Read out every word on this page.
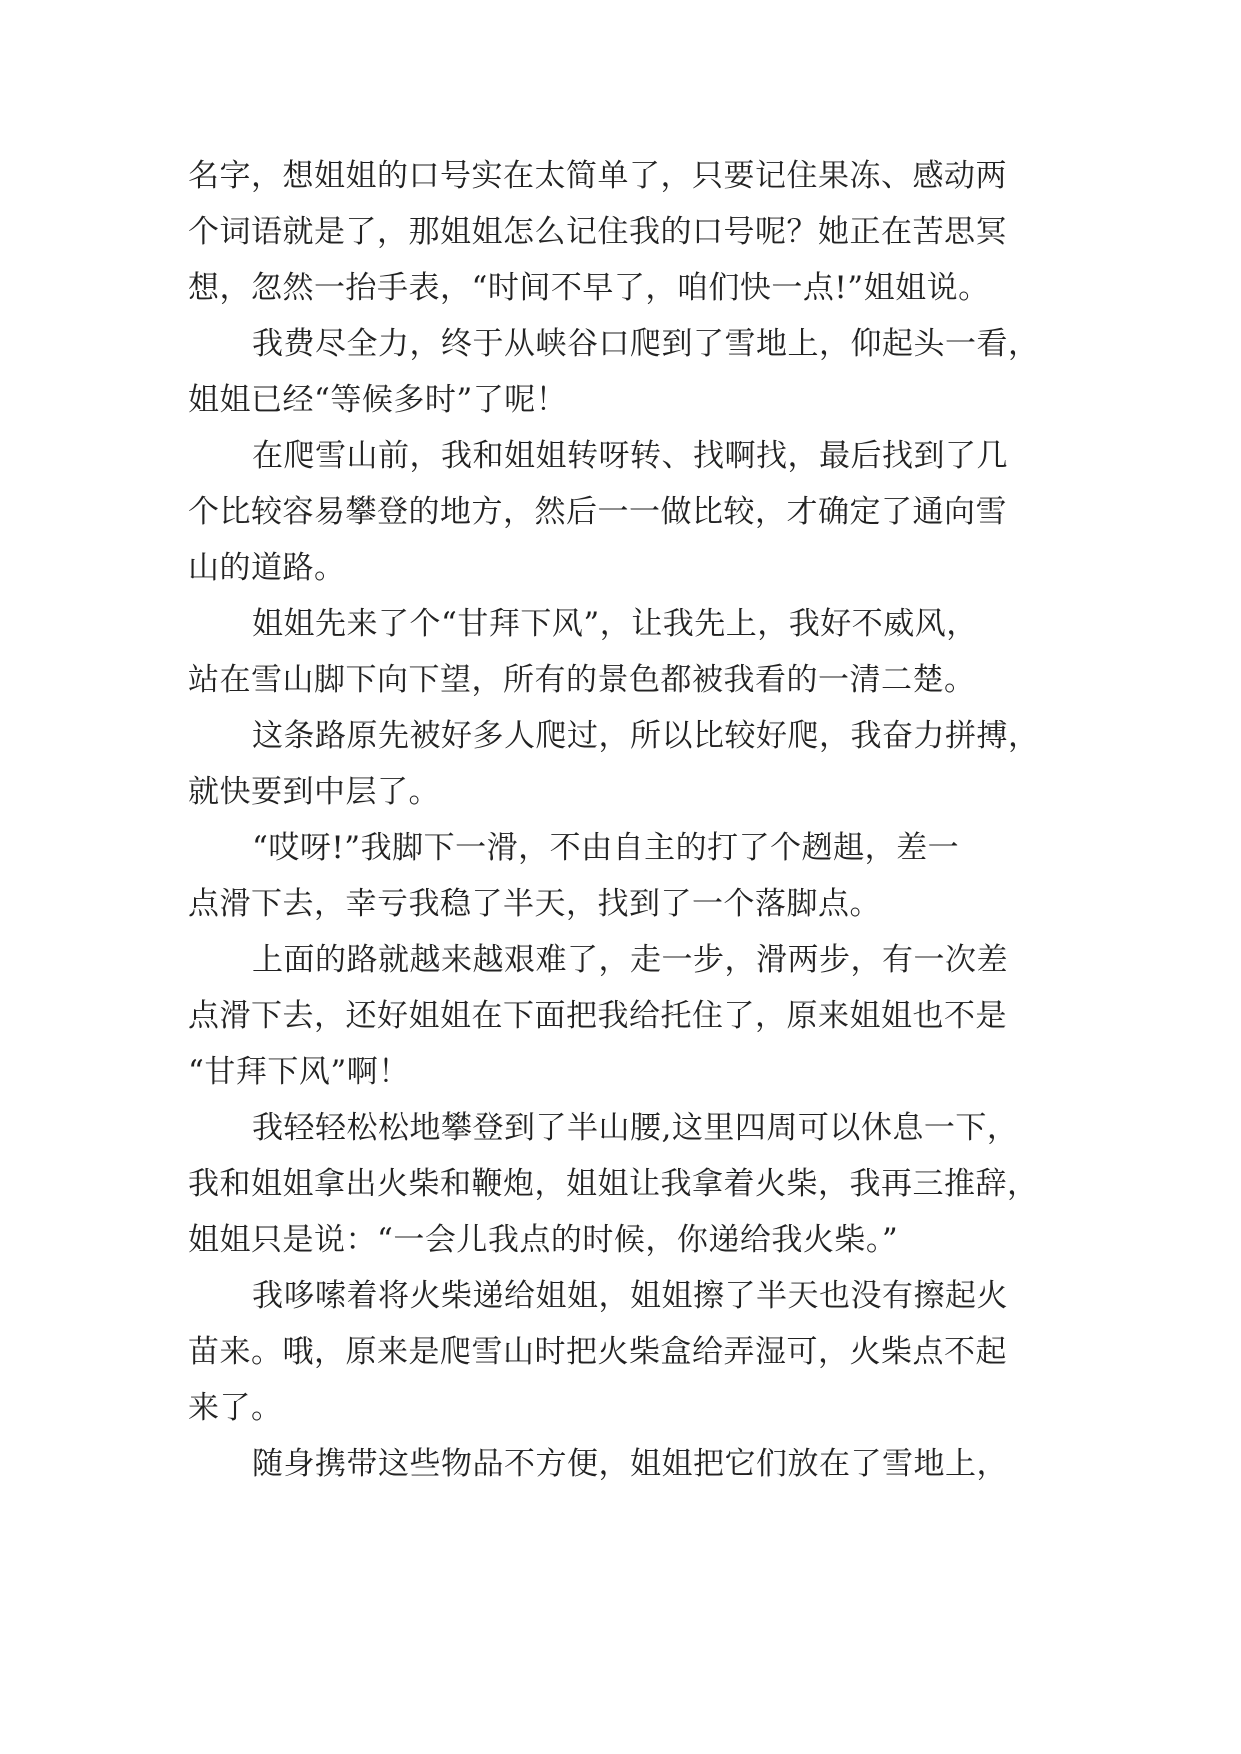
名字，想姐姐的口号实在太简单了，只要记住果冻、感动两
个词语就是了，那姐姐怎么记住我的口号呢？她正在苦思冥
想，忽然一抬手表，“时间不早了，咱们快一点!”姐姐说。
我费尽全力，终于从峡谷口爬到了雪地上，仰起头一看，
姐姐已经“等候多时”了呢！
在爬雪山前，我和姐姐转呀转、找啊找，最后找到了几
个比较容易攀登的地方，然后一一做比较，才确定了通向雪
山的道路。
姐姐先来了个“甘拜下风”，让我先上，我好不威风，
站在雪山脚下向下望，所有的景色都被我看的一清二楚。
这条路原先被好多人爬过，所以比较好爬，我奋力拼搏，
就快要到中层了。
“哎呀!”我脚下一滑，不由自主的打了个趔趄，差一
点滑下去，幸亏我稳了半天，找到了一个落脚点。
上面的路就越来越艰难了，走一步，滑两步，有一次差
点滑下去，还好姐姐在下面把我给托住了，原来姐姐也不是
“甘拜下风”啊！
我轻轻松松地攀登到了半山腰,这里四周可以休息一下，
我和姐姐拿出火柴和鞭炮，姐姐让我拿着火柴，我再三推辞，
姐姐只是说：“一会儿我点的时候，你递给我火柴。”
我哆嗦着将火柴递给姐姐，姐姐擦了半天也没有擦起火
苗来。哦，原来是爬雪山时把火柴盒给弄湿可，火柴点不起
来了。
随身携带这些物品不方便，姐姐把它们放在了雪地上，
